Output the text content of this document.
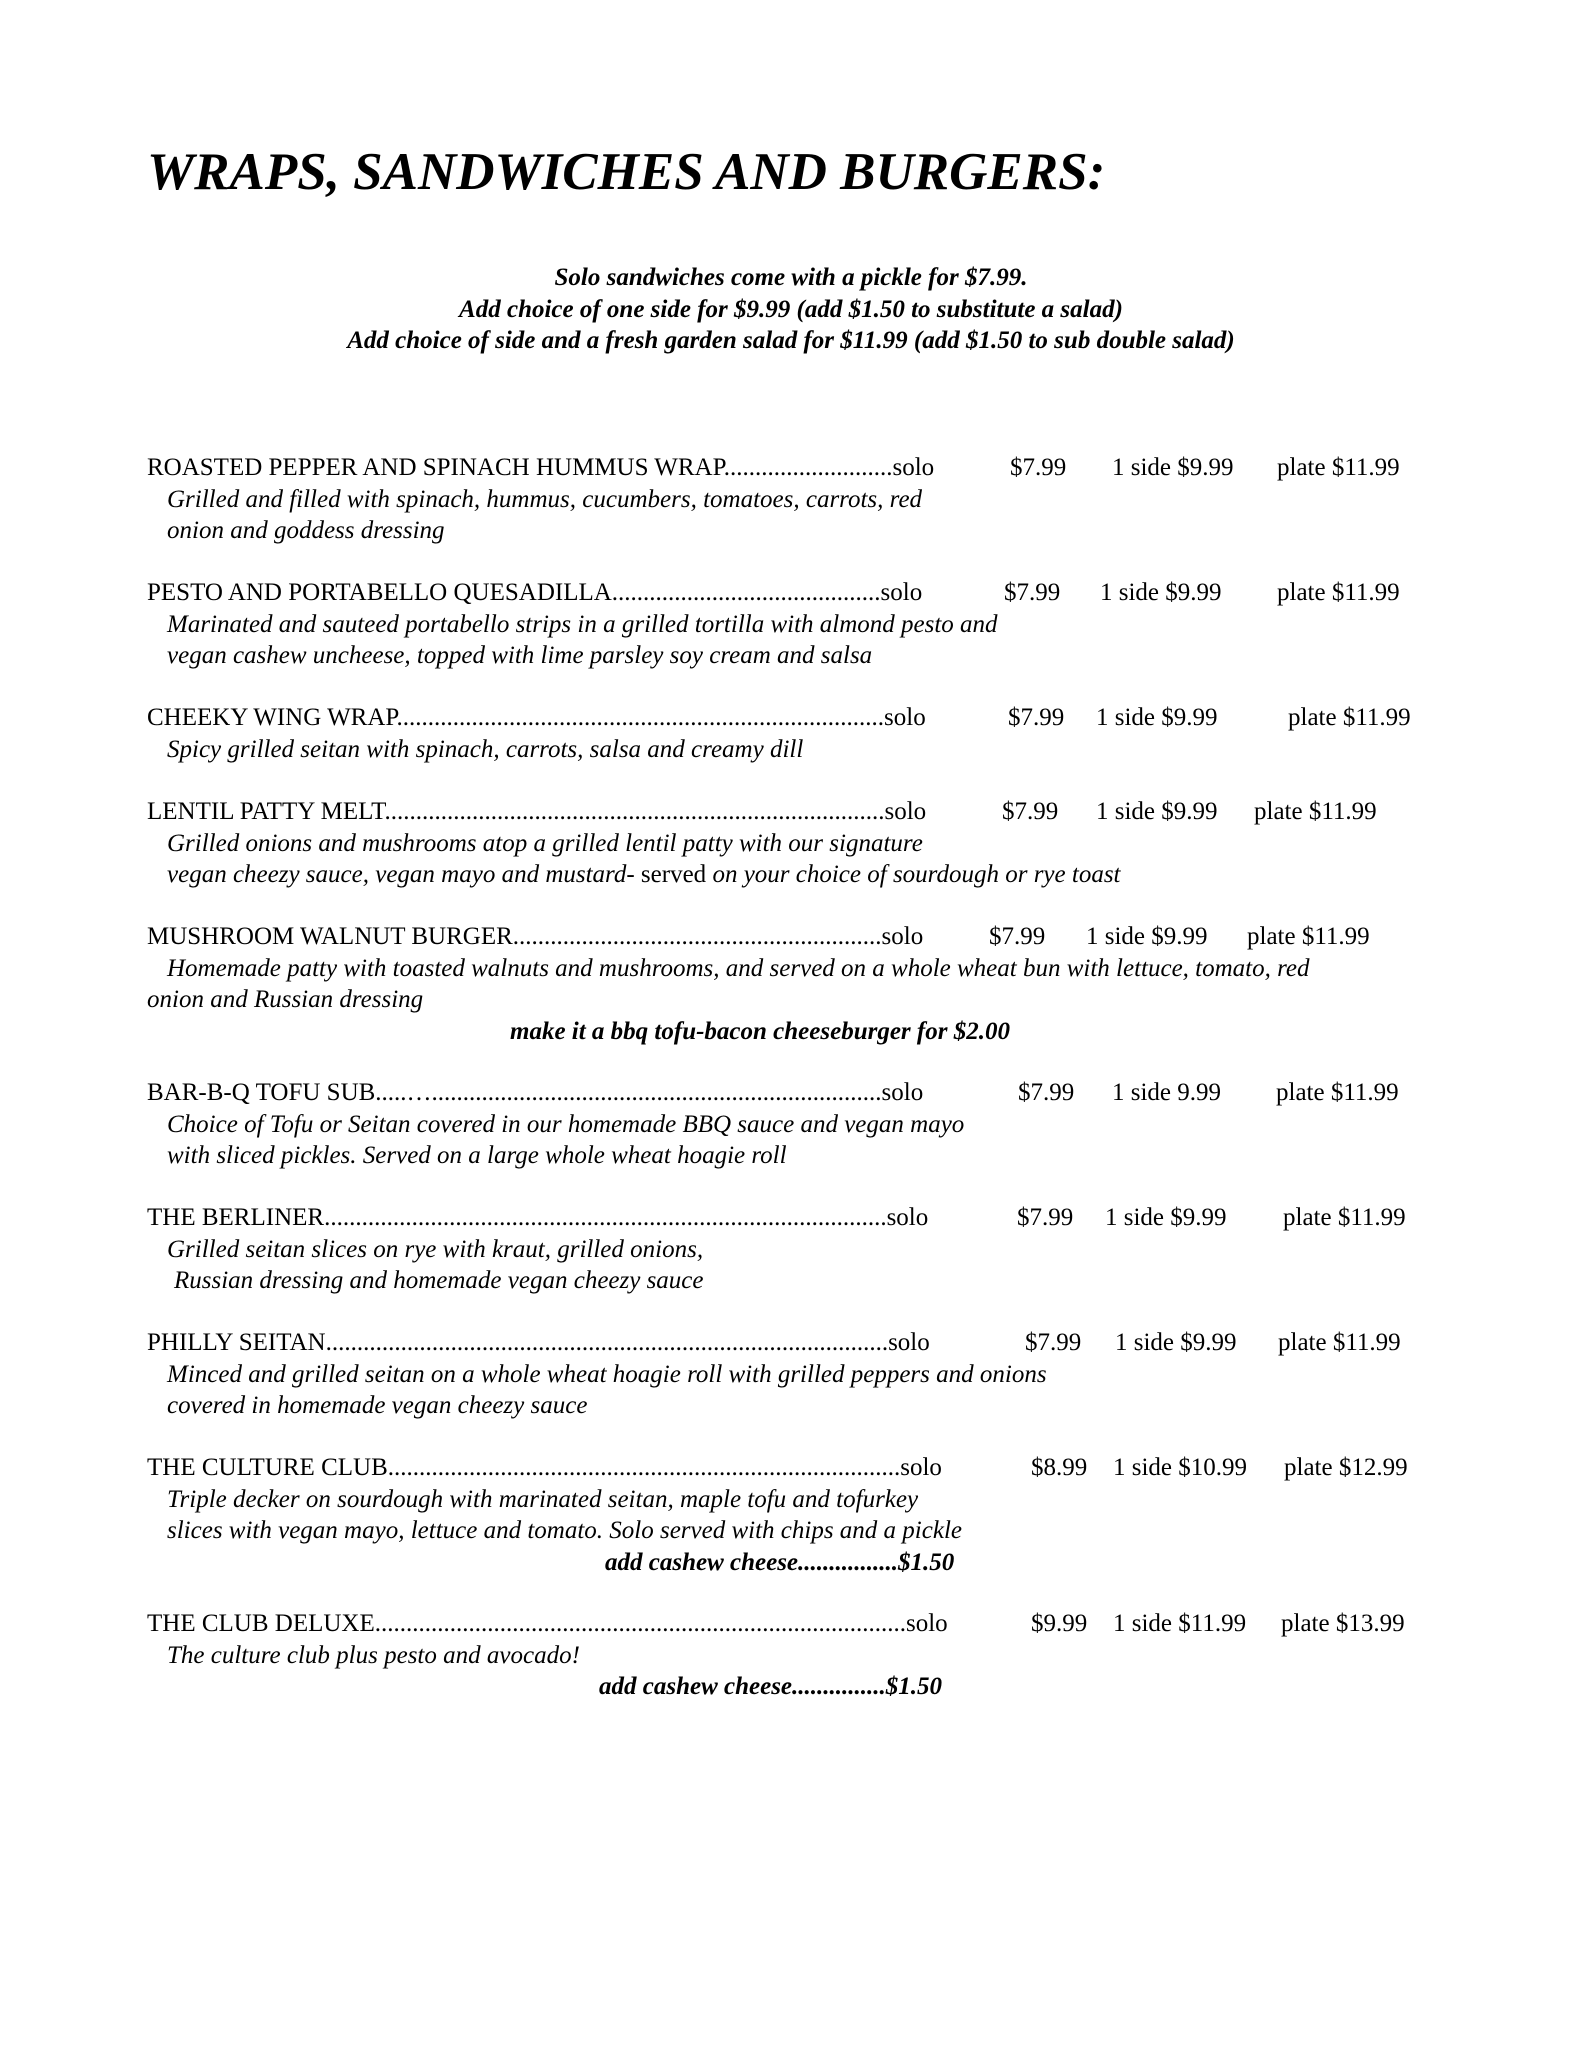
WRAPS, SANDWICHES AND BURGERS:
Solo sandwiches come with a pickle for $7.99.
Add choice of one side for $9.99 (add $1.50 to substitute a salad)
Add choice of side and a fresh garden salad for $11.99 (add $1.50 to sub double salad)
ROASTED PEPPER AND SPINACH HUMMUS WRAP...........................solo	$7.99 1 side $9.99 plate $11.99
Grilled and filled with spinach, hummus, cucumbers, tomatoes, carrots, red
onion and goddess dressing
PESTO AND PORTABELLO QUESADILLA...........................................solo	$7.99 1 side $9.99 plate $11.99
Marinated and sauteed portabello strips in a grilled tortilla with almond pesto and
vegan cashew uncheese, topped with lime parsley soy cream and salsa
CHEEKY WING WRAP..............................................................................solo	$7.99 1 side $9.99	plate $11.99
Spicy grilled seitan with spinach, carrots, salsa and creamy dill
LENTIL PATTY MELT................................................................................solo	$7.99 1 side $9.99 plate $11.99
Grilled onions and mushrooms atop a grilled lentil patty with our signature
vegan cheezy sauce, vegan mayo and mustard- served on your choice of sourdough or rye toast
MUSHROOM WALNUT BURGER...........................................................solo	$7.99 1 side $9.99 plate $11.99
Homemade patty with toasted walnuts and mushrooms, and served on a whole wheat bun with lettuce, tomato, red
onion and Russian dressing
make it a bbq tofu-bacon cheeseburger for $2.00
BAR-B-Q TOFU SUB.....…........................................................................solo	$7.99 1 side 9.99 plate $11.99
Choice of Tofu or Seitan covered in our homemade BBQ sauce and vegan mayo
with sliced pickles. Served on a large whole wheat hoagie roll
THE BERLINER..........................................................................................solo	$7.99 1 side $9.99 plate $11.99
Grilled seitan slices on rye with kraut, grilled onions,
Russian dressing and homemade vegan cheezy sauce
PHILLY SEITAN..........................................................................................solo	$7.99 1 side $9.99 plate $11.99
Minced and grilled seitan on a whole wheat hoagie roll with grilled peppers and onions
covered in homemade vegan cheezy sauce
THE CULTURE CLUB..................................................................................solo	$8.99 1 side $10.99 plate $12.99
Triple decker on sourdough with marinated seitan, maple tofu and tofurkey
slices with vegan mayo, lettuce and tomato. Solo served with chips and a pickle
add cashew cheese................$1.50
THE CLUB DELUXE.....................................................................................solo	$9.99 1 side $11.99 plate $13.99
The culture club plus pesto and avocado!
add cashew cheese...............$1.50
